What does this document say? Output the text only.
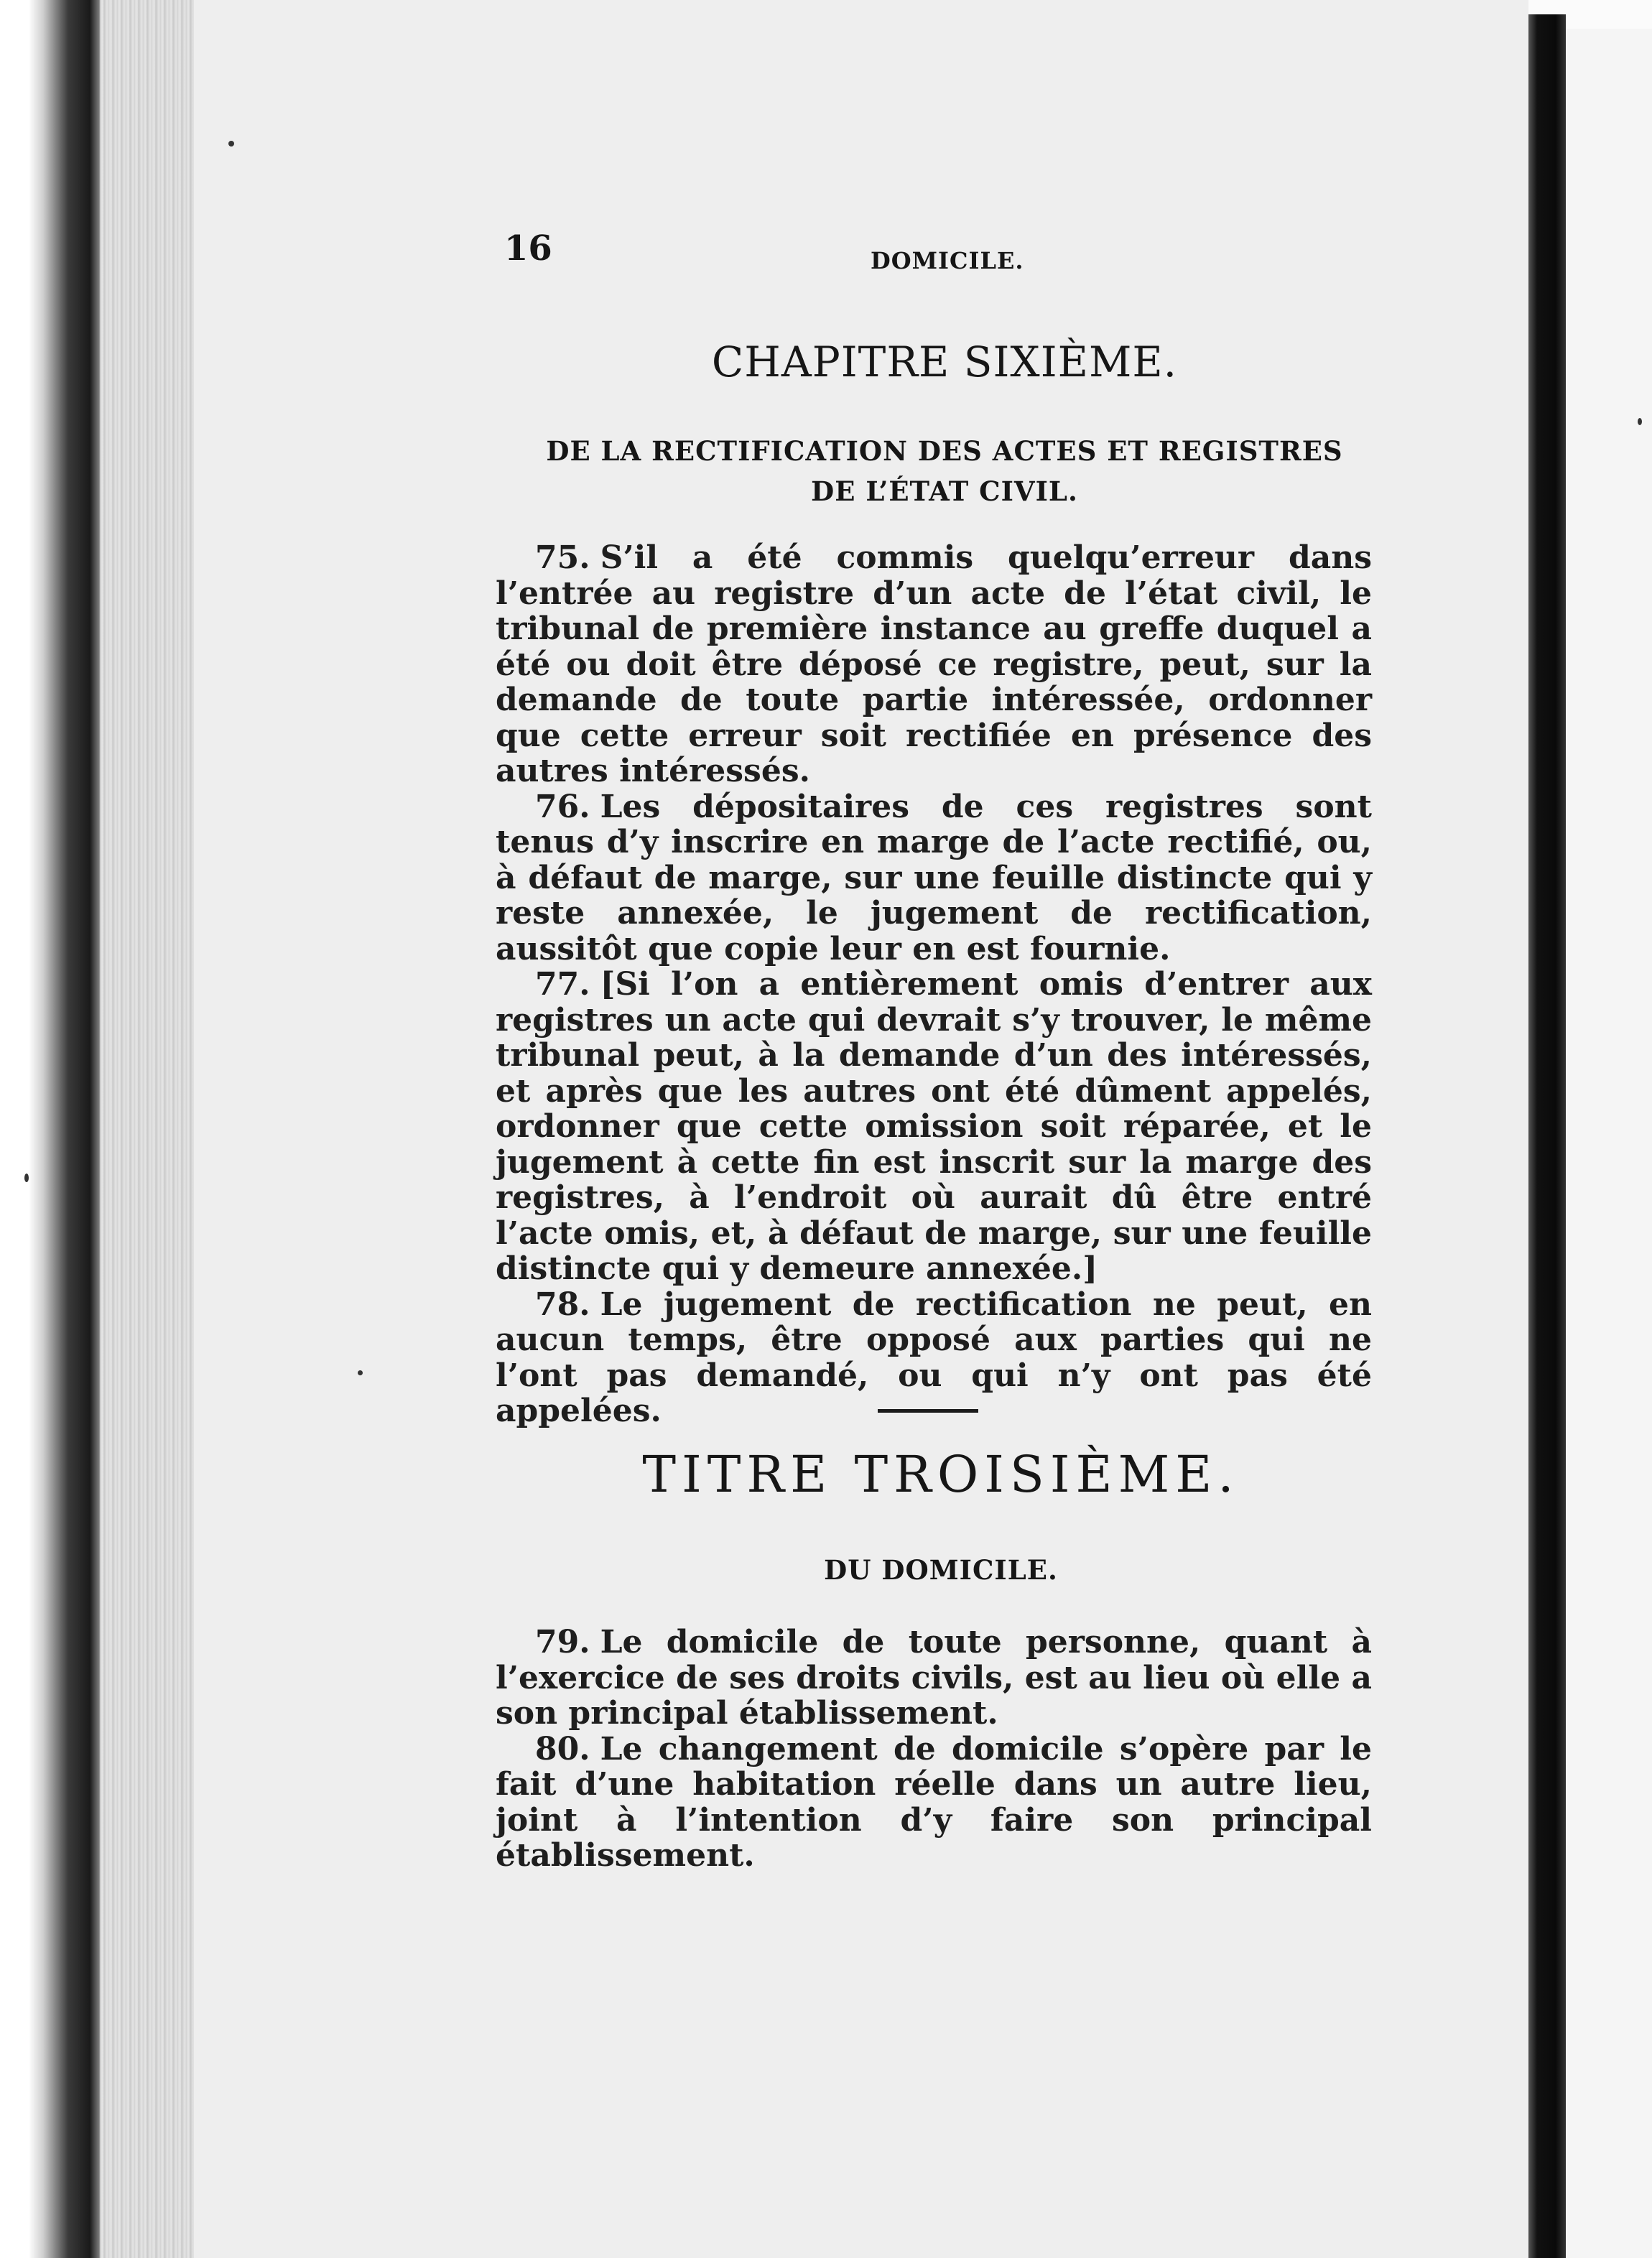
16	DOMICILE.
CHAPITRE SIXIÈME.
DE LA RECTIFICATION DES ACTES ET REGISTRES
DE L’ÉTAT CIVIL.

75. S’il a été commis quelqu’erreur dans l’entrée au registre d’un acte de l’état civil, le tribunal de première instance au greffe duquel a été ou doit être déposé ce registre, peut, sur la demande de toute partie intéressée, ordonner que cette erreur soit rectifiée en présence des autres intéressés.

76. Les dépositaires de ces registres sont tenus d’y inscrire en marge de l’acte rectifié, ou, à défaut de marge, sur une feuille distincte qui y reste annexée, le jugement de rectification, aussitôt que copie leur en est fournie.

77. [Si l’on a entièrement omis d’entrer aux registres un acte qui devrait s’y trouver, le même tribunal peut, à la demande d’un des intéressés, et après que les autres ont été dûment appelés, ordonner que cette omission soit réparée, et le jugement à cette fin est inscrit sur la marge des registres, à l’endroit où aurait dû être entré l’acte omis, et, à défaut de marge, sur une feuille distincte qui y demeure annexée.]

78. Le jugement de rectification ne peut, en aucun temps, être opposé aux parties qui ne l’ont pas demandé, ou qui n’y ont pas été appelées.

TITRE TROISIÈME.
DU DOMICILE.

79. Le domicile de toute personne, quant à l’exercice de ses droits civils, est au lieu où elle a son principal établissement.

80. Le changement de domicile s’opère par le fait d’une habitation réelle dans un autre lieu, joint à l’intention d’y faire son principal établissement.
